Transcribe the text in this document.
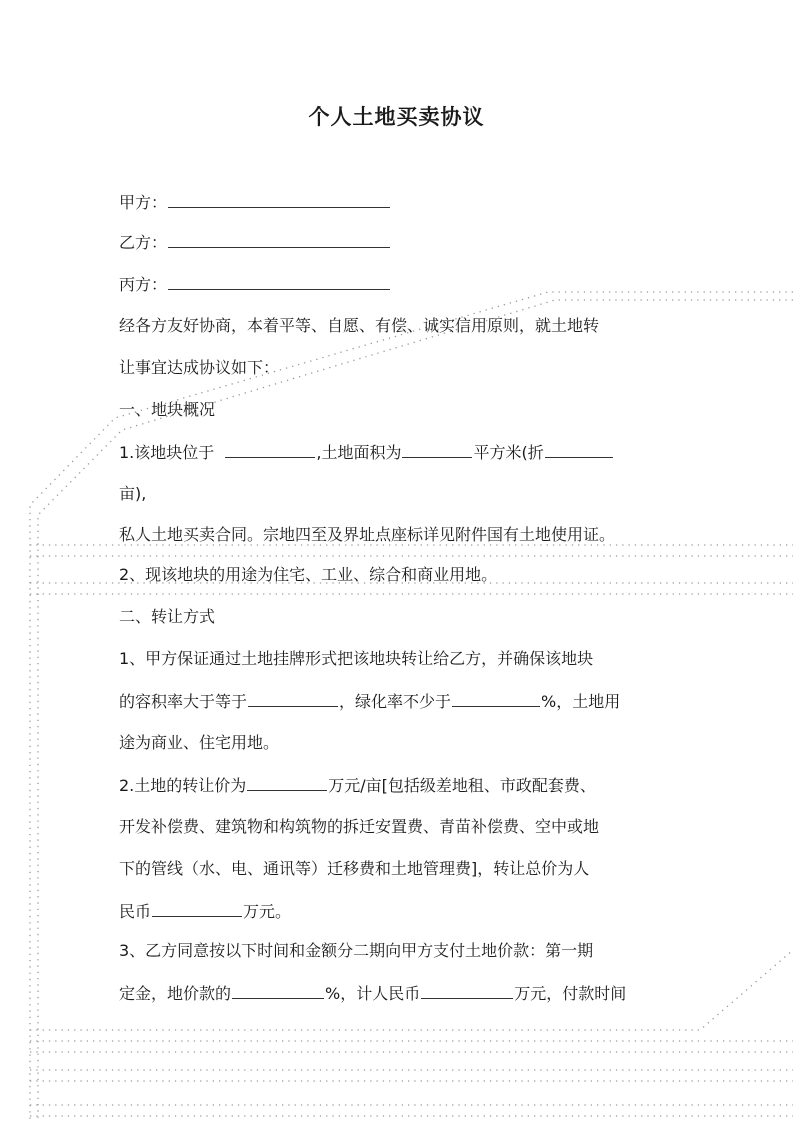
个人土地买卖协议
甲方：
乙方：
丙方：
经各方友好协商，本着平等、自愿、有偿、诚实信用原则，就土地转
让事宜达成协议如下：
一、地块概况
1.该地块位于	,土地面积为	平方米(折
亩),
私人土地买卖合同。宗地四至及界址点座标详见附件国有土地使用证。
2、现该地块的用途为住宅、工业、综合和商业用地。
二、转让方式
1、甲方保证通过土地挂牌形式把该地块转让给乙方，并确保该地块
的容积率大于等于	，绿化率不少于	%，土地用
途为商业、住宅用地。
2.土地的转让价为	万元/亩[包括级差地租、市政配套费、
开发补偿费、建筑物和构筑物的拆迁安置费、青苗补偿费、空中或地
下的管线（水、电、通讯等）迁移费和土地管理费]，转让总价为人
民币	万元。
3、乙方同意按以下时间和金额分二期向甲方支付土地价款：第一期
定金，地价款的	%，计人民币	万元，付款时间
